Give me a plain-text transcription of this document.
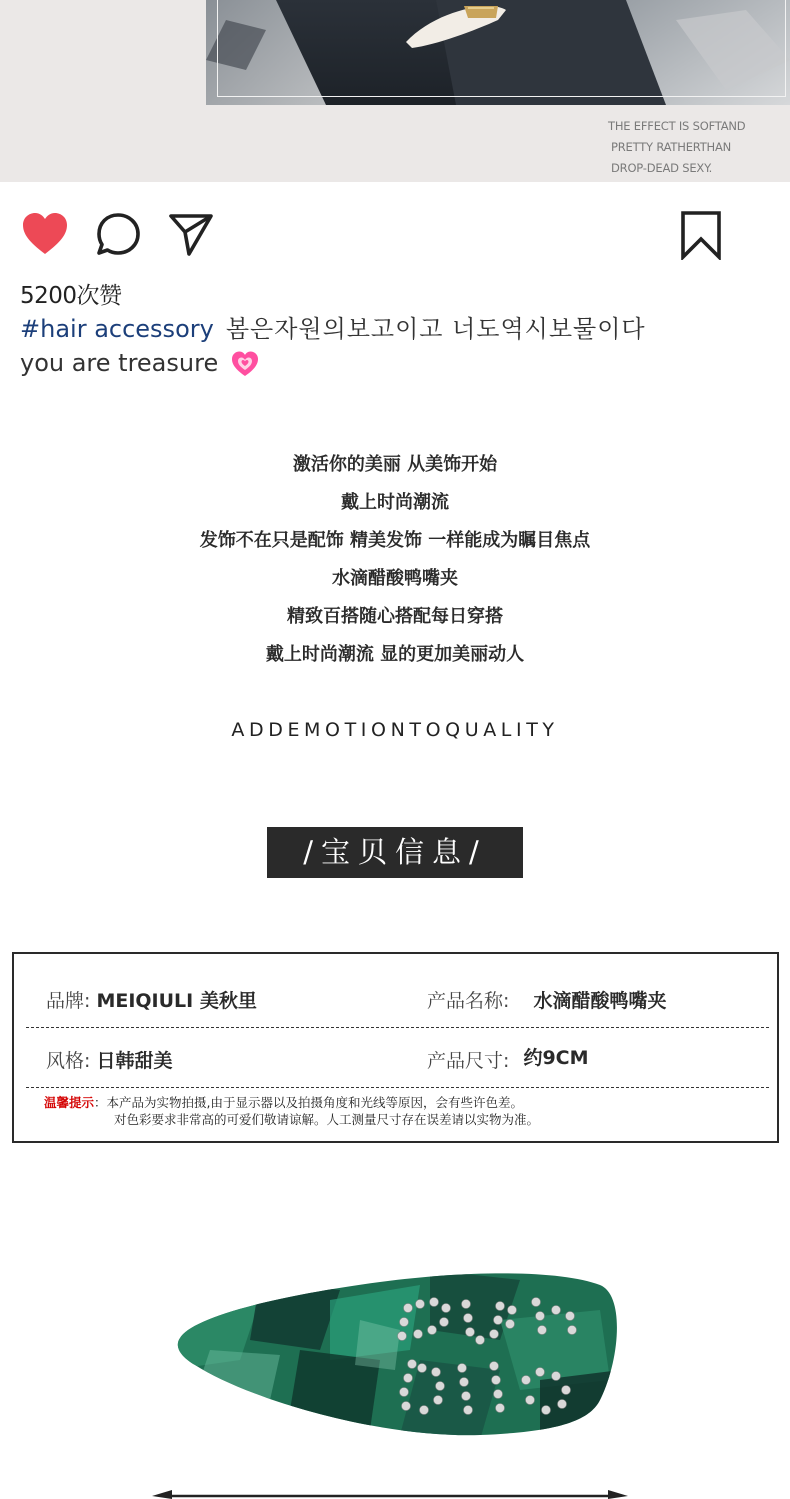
THE EFFECT IS SOFTAND
PRETTY RATHERTHAN
DROP-DEAD SEXY.
5200次赞
#hair accessory 봄은자원의보고이고 너도역시보물이다
you are treasure
激活你的美丽 从美饰开始
戴上时尚潮流
发饰不在只是配饰 精美发饰 一样能成为瞩目焦点
水滴醋酸鸭嘴夹
精致百搭随心搭配每日穿搭
戴上时尚潮流 显的更加美丽动人
ADDEMOTIONTOQUALITY
/宝贝信息/
品牌: MEIQIULI 美秋里	产品名称: 水滴醋酸鸭嘴夹
风格: 日韩甜美	产品尺寸: 约9CM
温馨提示：本产品为实物拍摄,由于显示器以及拍摄角度和光线等原因，会有些许色差。
对色彩要求非常高的可爱们敬请谅解。人工测量尺寸存在误差请以实物为准。
